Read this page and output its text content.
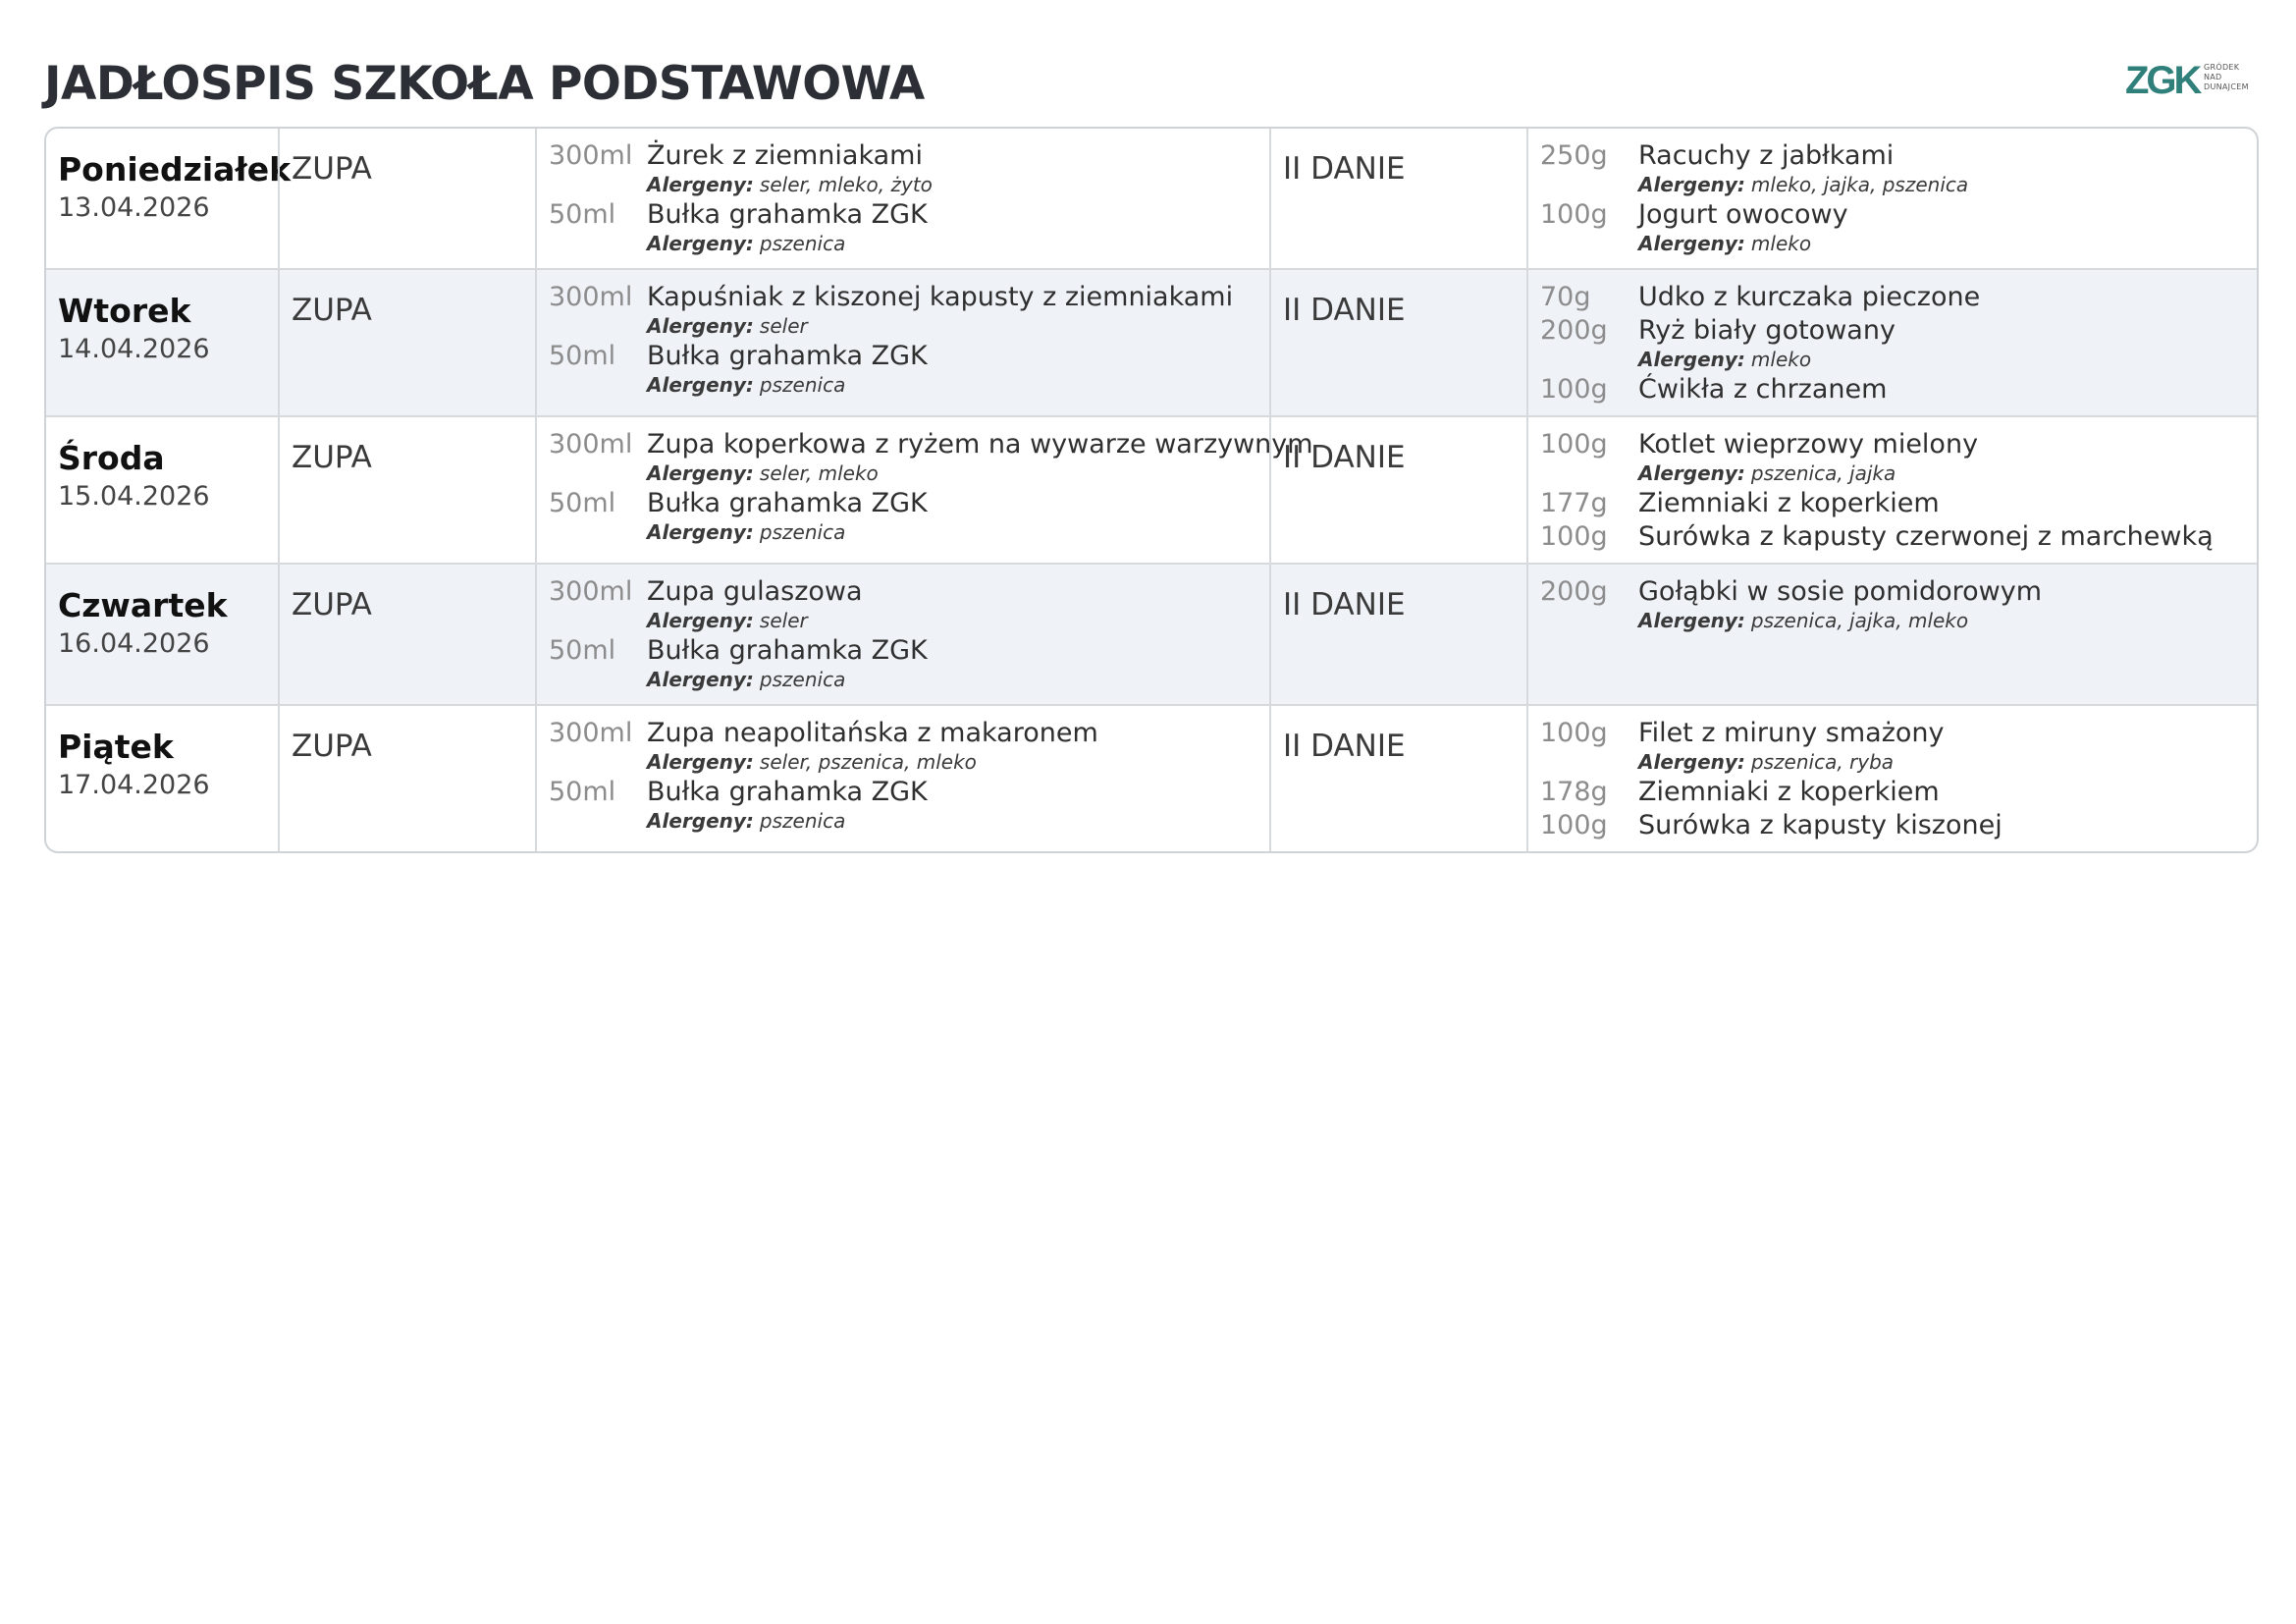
JADŁOSPIS SZKOŁA PODSTAWOWA	ZGK GRÓDEK
NAD
DUNAJCEM
Poniedziałek
13.04.2026
ZUPA	300ml Żurek z ziemniakami
Alergeny: seler, mleko, żyto
50ml	Bułka grahamka ZGK
Alergeny: pszenica
II DANIE	250g	Racuchy z jabłkami
Alergeny: mleko, jajka, pszenica
100g	Jogurt owocowy
Alergeny: mleko
Wtorek
14.04.2026
ZUPA	300ml Kapuśniak z kiszonej kapusty z ziemniakami
Alergeny: seler
50ml	Bułka grahamka ZGK
Alergeny: pszenica
II DANIE	70g	Udko z kurczaka pieczone
200g	Ryż biały gotowany
Alergeny: mleko
100g	Ćwikła z chrzanem
Środa
15.04.2026
ZUPA	300ml Zupa koperkowa z ryżem na wywarze warzywnym
Alergeny: seler, mleko
50ml	Bułka grahamka ZGK
Alergeny: pszenica
II DANIE	100g	Kotlet wieprzowy mielony
Alergeny: pszenica, jajka
177g	Ziemniaki z koperkiem
100g	Surówka z kapusty czerwonej z marchewką
Czwartek
16.04.2026
ZUPA	300ml Zupa gulaszowa
Alergeny: seler
50ml	Bułka grahamka ZGK
Alergeny: pszenica
II DANIE	200g	Gołąbki w sosie pomidorowym
Alergeny: pszenica, jajka, mleko
Piątek
17.04.2026
ZUPA	300ml Zupa neapolitańska z makaronem
Alergeny: seler, pszenica, mleko
50ml	Bułka grahamka ZGK
Alergeny: pszenica
II DANIE	100g	Filet z miruny smażony
Alergeny: pszenica, ryba
178g	Ziemniaki z koperkiem
100g	Surówka z kapusty kiszonej
